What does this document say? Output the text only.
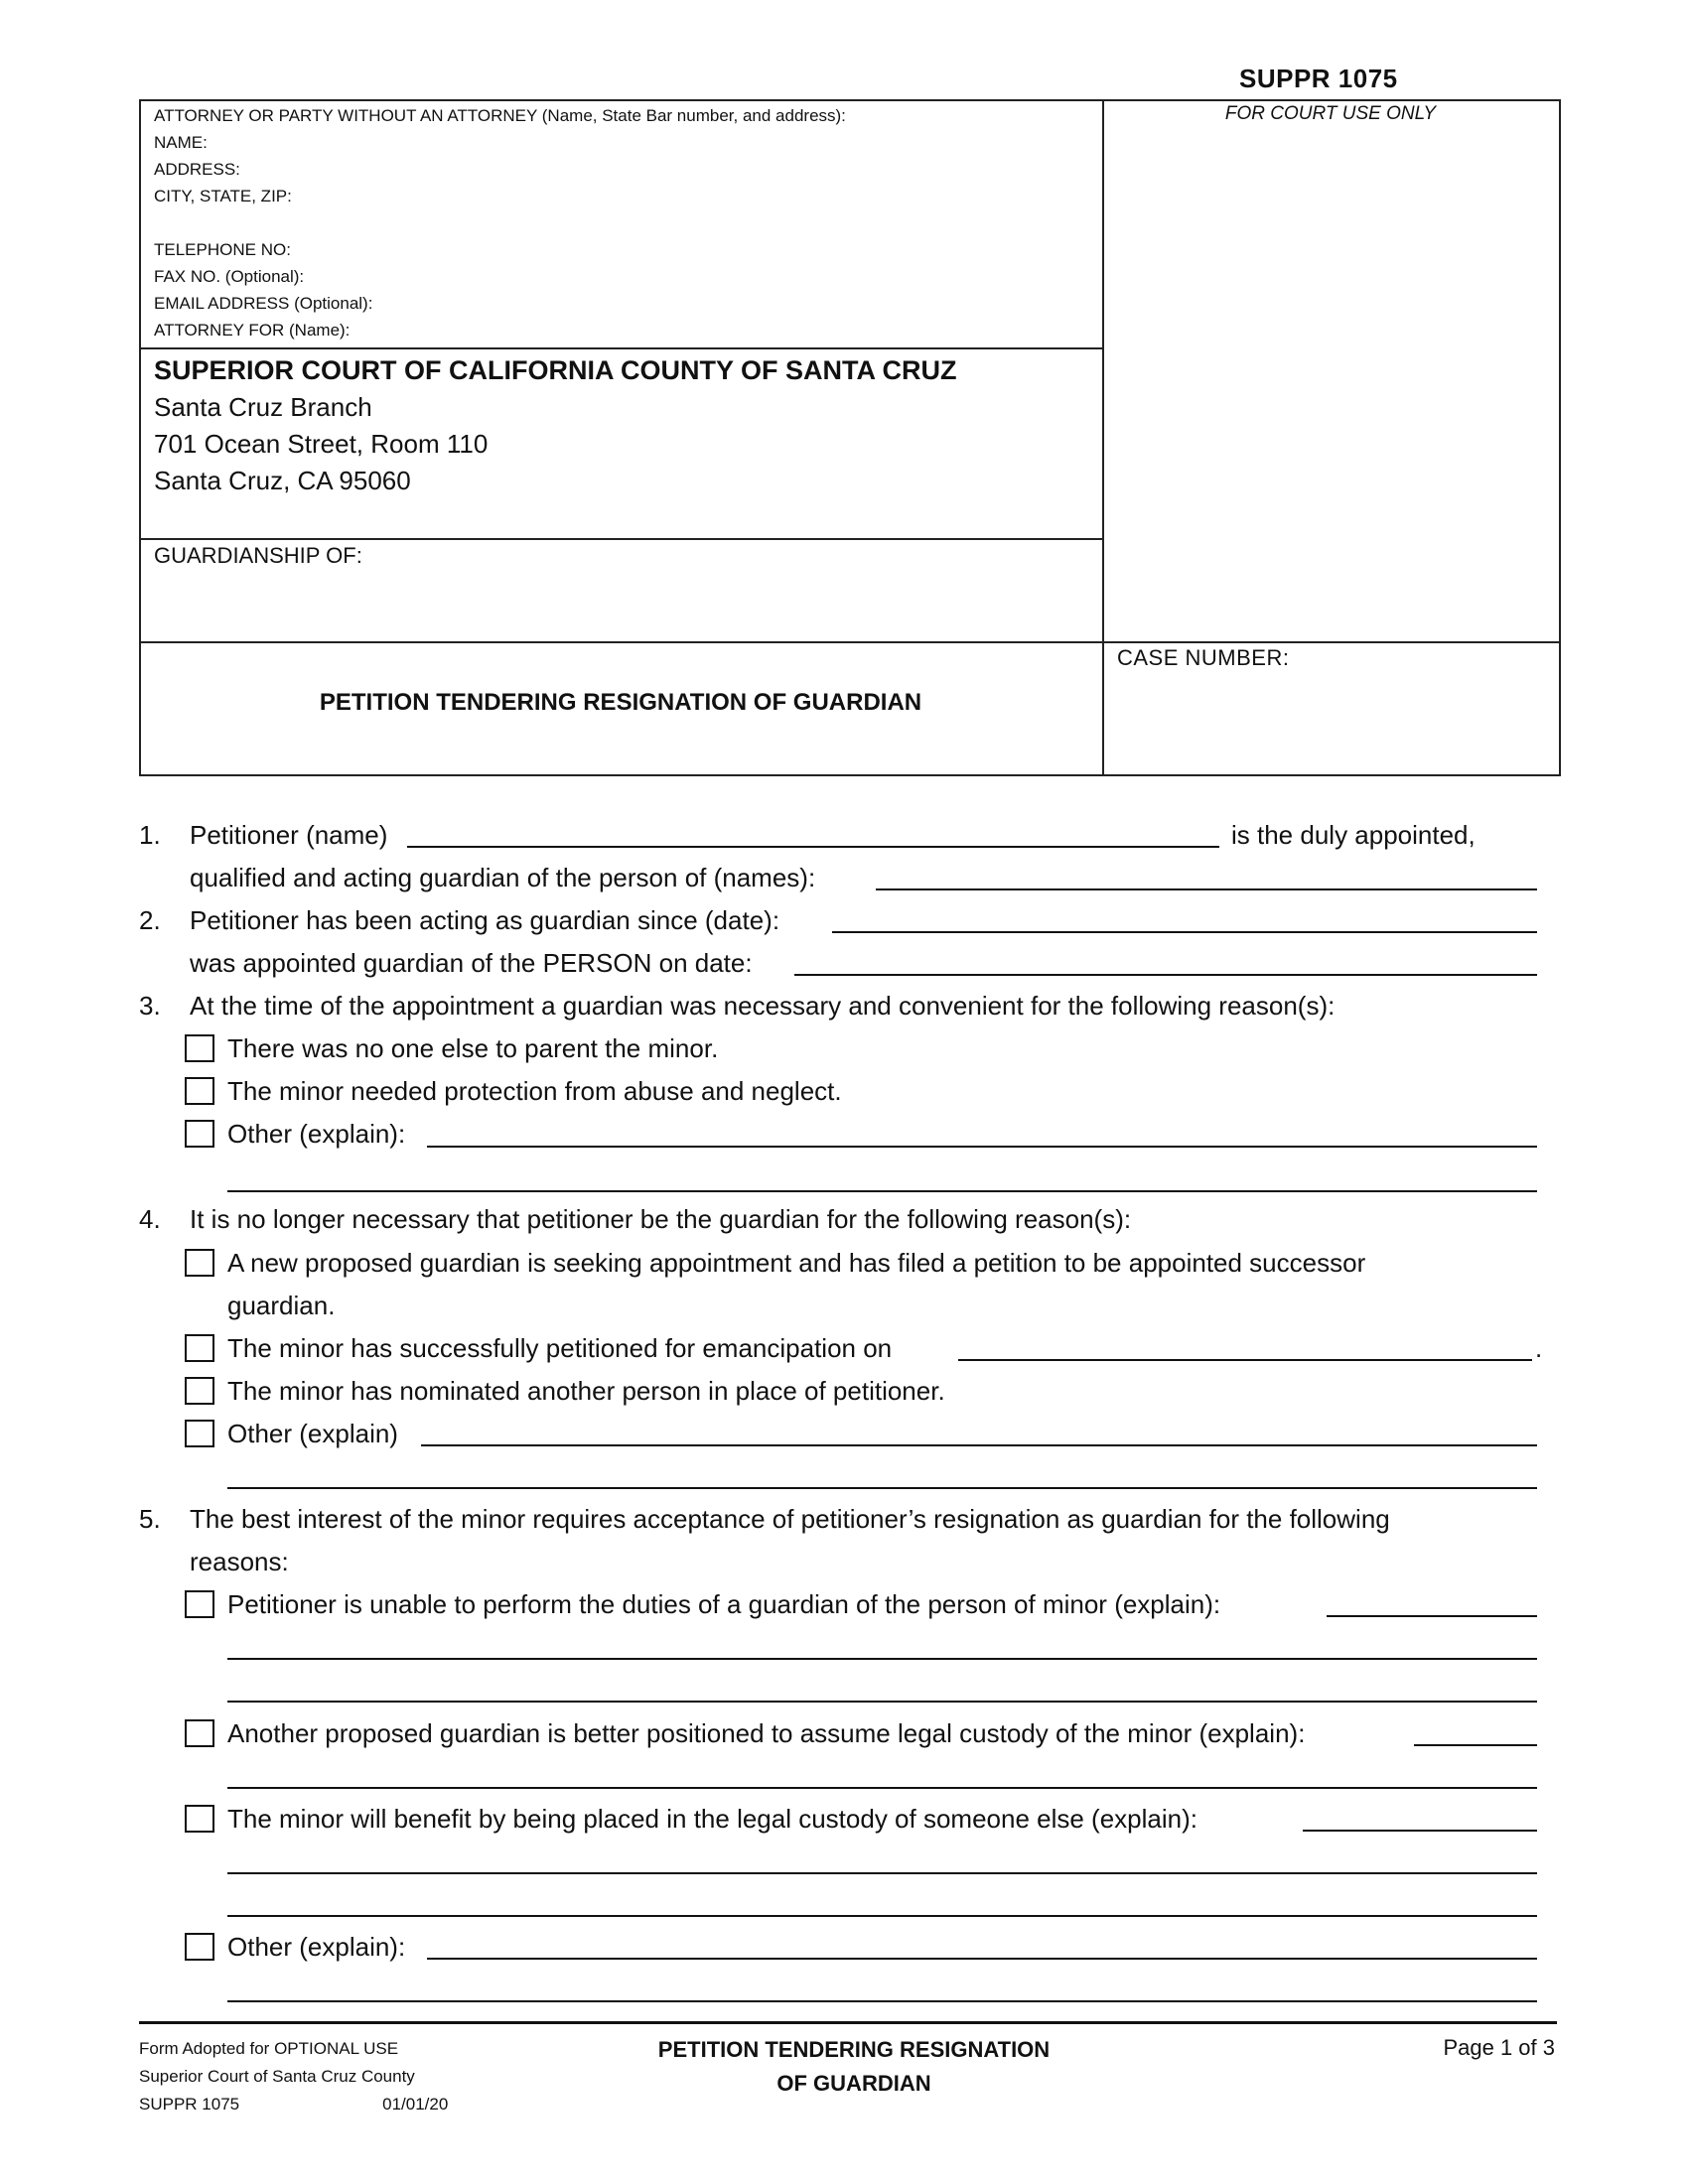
SUPPR 1075
ATTORNEY OR PARTY WITHOUT AN ATTORNEY (Name, State Bar number, and address):
NAME:
ADDRESS:
CITY, STATE, ZIP:
TELEPHONE NO:
FAX NO. (Optional):
EMAIL ADDRESS (Optional):
ATTORNEY FOR (Name):
FOR COURT USE ONLY
SUPERIOR COURT OF CALIFORNIA COUNTY OF SANTA CRUZ
Santa Cruz Branch
701 Ocean Street, Room 110
Santa Cruz, CA 95060
GUARDIANSHIP OF:
CASE NUMBER:
PETITION TENDERING RESIGNATION OF GUARDIAN
1. Petitioner (name)	is the duly appointed,
qualified and acting guardian of the person of (names):
2. Petitioner has been acting as guardian since (date):
was appointed guardian of the PERSON on date:
3. At the time of the appointment a guardian was necessary and convenient for the following reason(s):
There was no one else to parent the minor.
The minor needed protection from abuse and neglect.
Other (explain):
4. It is no longer necessary that petitioner be the guardian for the following reason(s):
A new proposed guardian is seeking appointment and has filed a petition to be appointed successor
guardian.
The minor has successfully petitioned for emancipation on	.
The minor has nominated another person in place of petitioner.
Other (explain)
5. The best interest of the minor requires acceptance of petitioner’s resignation as guardian for the following
reasons:
Petitioner is unable to perform the duties of a guardian of the person of minor (explain):
Another proposed guardian is better positioned to assume legal custody of the minor (explain):
The minor will benefit by being placed in the legal custody of someone else (explain):
Other (explain):
Form Adopted for OPTIONAL USE
Superior Court of Santa Cruz County
SUPPR 1075	01/01/20
PETITION TENDERING RESIGNATION
OF GUARDIAN
Page 1 of 3
